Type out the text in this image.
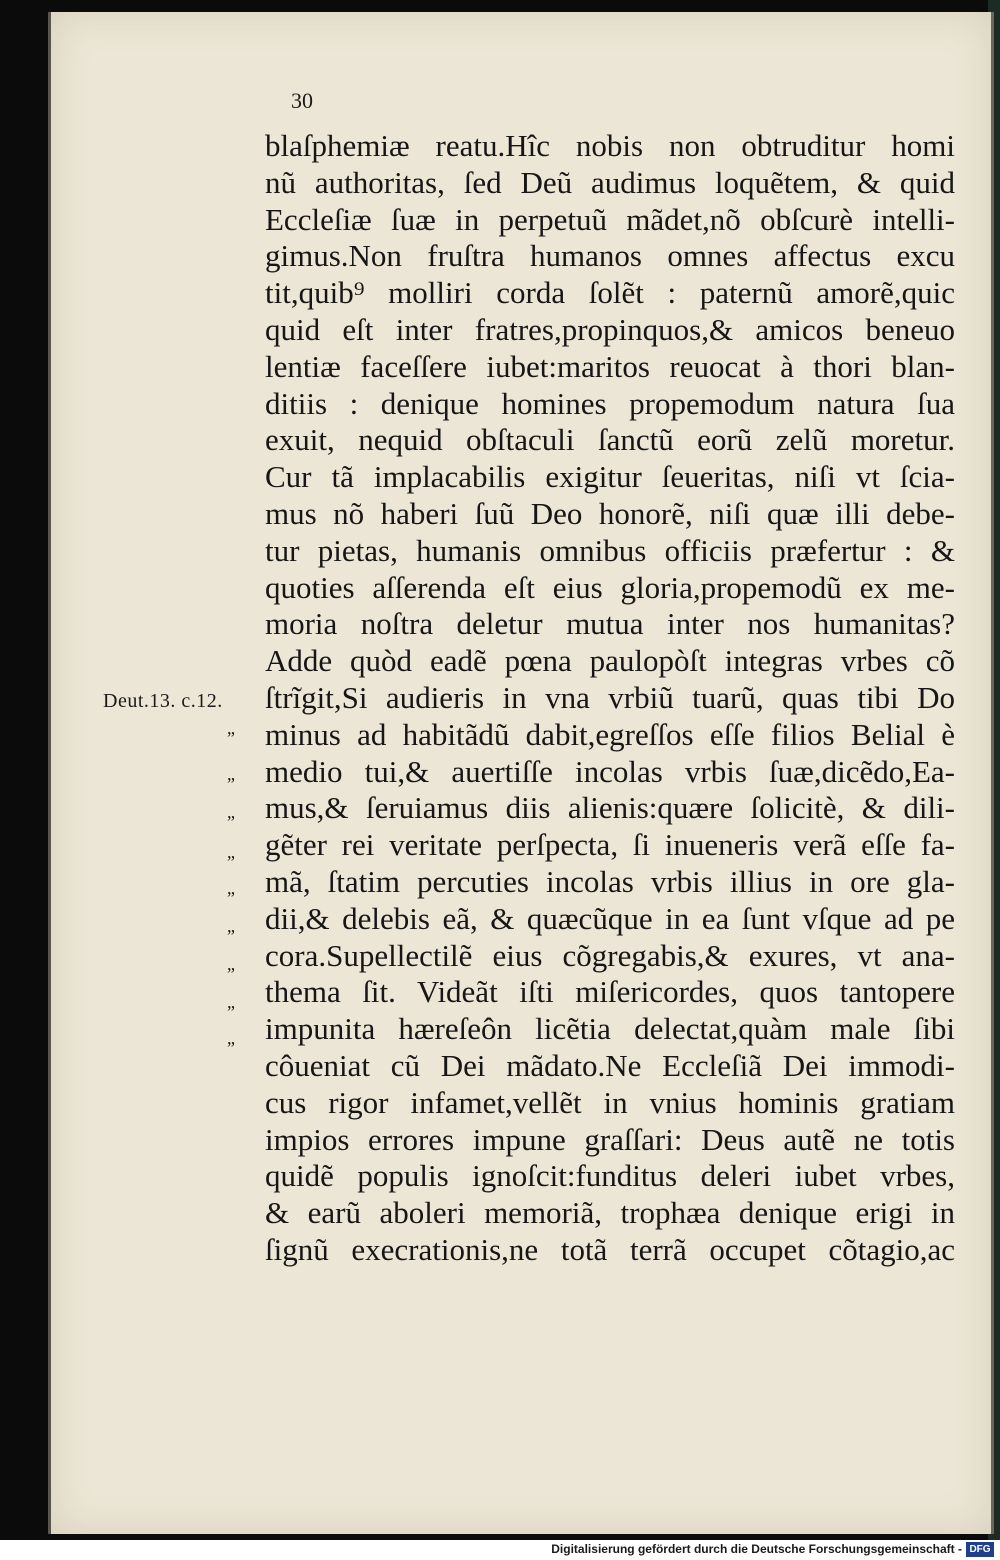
30
Deut.13. c.12.
”
”
”
”
”
”
”
”
”
blaſphemiæ reatu.Hîc nobis non obtruditur homi
nũ authoritas, ſed Deũ audimus loquẽtem, & quid
Eccleſiæ ſuæ in perpetuũ mãdet,nõ obſcurè intelli-
gimus.Non fruſtra humanos omnes affectus excu
tit,quib⁹ molliri corda ſolẽt : paternũ amorẽ,quic
quid eſt inter fratres,propinquos,& amicos beneuo
lentiæ faceſſere iubet:maritos reuocat à thori blan-
ditiis : denique homines propemodum natura ſua
exuit, nequid obſtaculi ſanctũ eorũ zelũ moretur.
Cur tã implacabilis exigitur ſeueritas, niſi vt ſcia-
mus nõ haberi ſuũ Deo honorẽ, niſi quæ illi debe-
tur pietas, humanis omnibus officiis præfertur : &
quoties aſſerenda eſt eius gloria,propemodũ ex me-
moria noſtra deletur mutua inter nos humanitas?
Adde quòd eadẽ pœna paulopòſt integras vrbes cõ
ſtrĩgit,Si audieris in vna vrbiũ tuarũ, quas tibi Do
minus ad habitãdũ dabit,egreſſos eſſe filios Belial è
medio tui,& auertiſſe incolas vrbis ſuæ,dicẽdo,Ea-
mus,& ſeruiamus diis alienis:quære ſolicitè, & dili-
gẽter rei veritate perſpecta, ſi inueneris verã eſſe fa-
mã, ſtatim percuties incolas vrbis illius in ore gla-
dii,& delebis eã, & quæcũque in ea ſunt vſque ad pe
cora.Supellectilẽ eius cõgregabis,& exures, vt ana-
thema ſit. Videãt iſti miſericordes, quos tantopere
impunita hæreſeôn licẽtia delectat,quàm male ſibi
côueniat cũ Dei mãdato.Ne Eccleſiã Dei immodi-
cus rigor infamet,vellẽt in vnius hominis gratiam
impios errores impune graſſari: Deus autẽ ne totis
quidẽ populis ignoſcit:funditus deleri iubet vrbes,
& earũ aboleri memoriã, trophæa denique erigi in
ſignũ execrationis,ne totã terrã occupet cõtagio,ac
Digitalisierung gefördert durch die Deutsche Forschungsgemeinschaft - DFG
